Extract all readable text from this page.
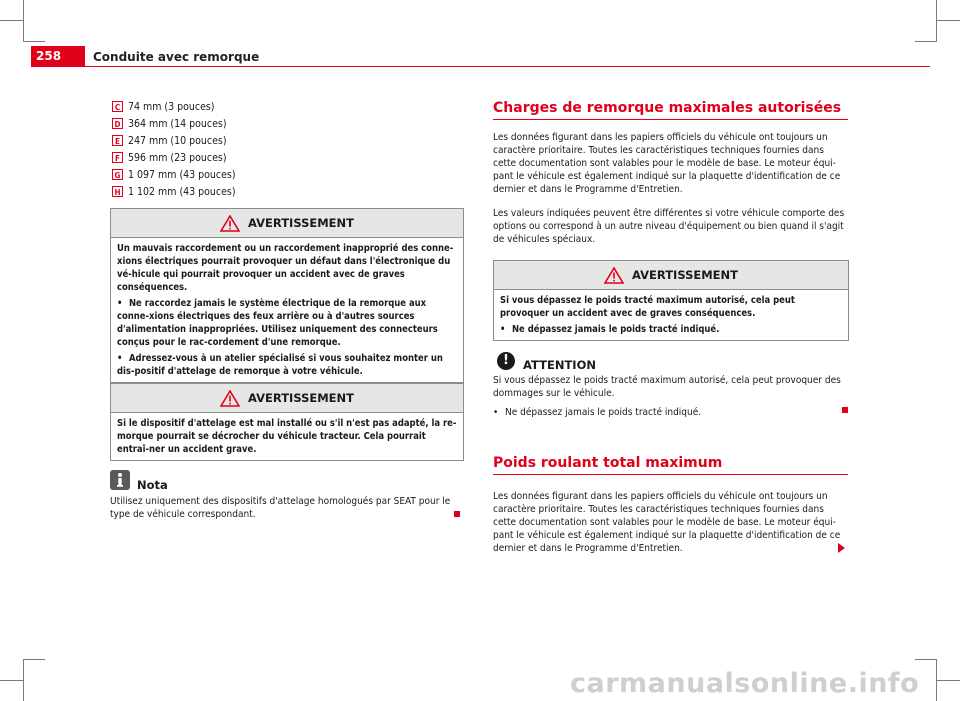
258	Conduite avec remorque
C 74 mm (3 pouces)
D 364 mm (14 pouces)
E 247 mm (10 pouces)
F 596 mm (23 pouces)
G 1 097 mm (43 pouces)
H 1 102 mm (43 pouces)
AVERTISSEMENT

Un mauvais raccordement ou un raccordement inapproprié des conne-xions électriques pourrait provoquer un défaut dans l'électronique du vé-hicule qui pourrait provoquer un accident avec de graves conséquences.

• Ne raccordez jamais le système électrique de la remorque aux conne-xions électriques des feux arrière ou à d'autres sources d'alimentation inappropriées. Utilisez uniquement des connecteurs conçus pour le rac-cordement d'une remorque.

• Adressez-vous à un atelier spécialisé si vous souhaitez monter un dis-positif d'attelage de remorque à votre véhicule.

AVERTISSEMENT

Si le dispositif d'attelage est mal installé ou s'il n'est pas adapté, la re-morque pourrait se décrocher du véhicule tracteur. Cela pourrait entraî-ner un accident grave.

Nota

Utilisez uniquement des dispositifs d'attelage homologués par SEAT pour le type de véhicule correspondant.

Charges de remorque maximales autorisées

Les données figurant dans les papiers officiels du véhicule ont toujours un caractère prioritaire. Toutes les caractéristiques techniques fournies dans cette documentation sont valables pour le modèle de base. Le moteur équi-pant le véhicule est également indiqué sur la plaquette d'identification de ce dernier et dans le Programme d'Entretien.

Les valeurs indiquées peuvent être différentes si votre véhicule comporte des options ou correspond à un autre niveau d'équipement ou bien quand il s'agit de véhicules spéciaux.

AVERTISSEMENT

Si vous dépassez le poids tracté maximum autorisé, cela peut provoquer un accident avec de graves conséquences.

• Ne dépassez jamais le poids tracté indiqué.

!	ATTENTION

Si vous dépassez le poids tracté maximum autorisé, cela peut provoquer des dommages sur le véhicule.

• Ne dépassez jamais le poids tracté indiqué.

Poids roulant total maximum

Les données figurant dans les papiers officiels du véhicule ont toujours un caractère prioritaire. Toutes les caractéristiques techniques fournies dans cette documentation sont valables pour le modèle de base. Le moteur équi-pant le véhicule est également indiqué sur la plaquette d'identification de ce dernier et dans le Programme d'Entretien.

carmanualsonline.info
